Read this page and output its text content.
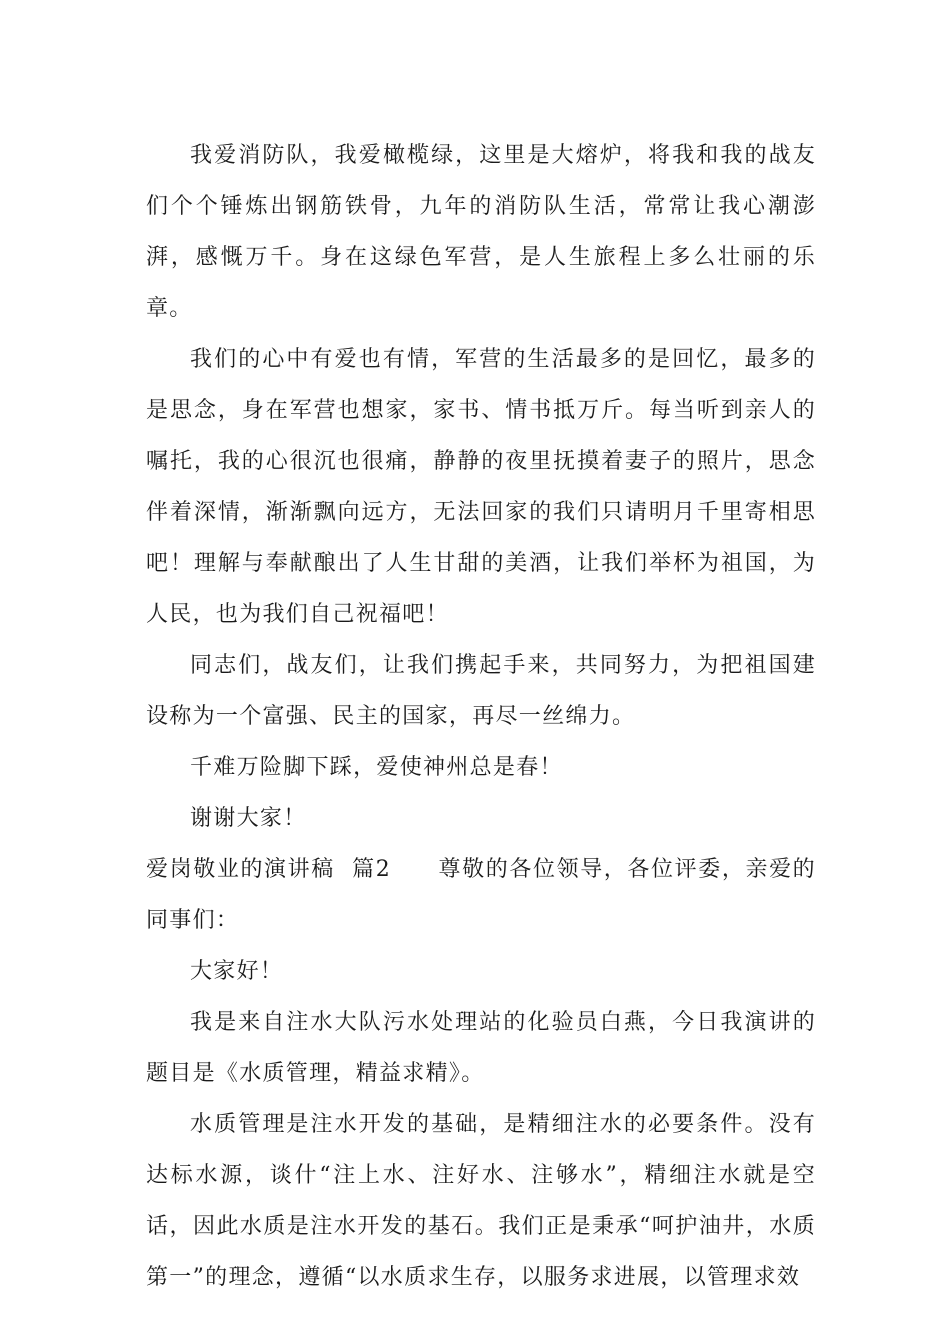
我爱消防队，我爱橄榄绿，这里是大熔炉，将我和我的战友们个个锤炼出钢筋铁骨，九年的消防队生活，常常让我心潮澎湃，感慨万千。身在这绿色军营，是人生旅程上多么壮丽的乐章。

我们的心中有爱也有情，军营的生活最多的是回忆，最多的是思念，身在军营也想家，家书、情书抵万斤。每当听到亲人的嘱托，我的心很沉也很痛，静静的夜里抚摸着妻子的照片，思念伴着深情，渐渐飘向远方，无法回家的我们只请明月千里寄相思吧！理解与奉献酿出了人生甘甜的美酒，让我们举杯为祖国，为人民，也为我们自己祝福吧！

同志们，战友们，让我们携起手来，共同努力，为把祖国建设称为一个富强、民主的国家，再尽一丝绵力。

千难万险脚下踩，爱使神州总是春！

谢谢大家！

爱岗敬业的演讲稿  篇2　　 尊敬的各位领导，各位评委，亲爱的同事们：

大家好！

我是来自注水大队污水处理站的化验员白燕，今日我演讲的题目是《水质管理，精益求精》。

水质管理是注水开发的基础，是精细注水的必要条件。没有达标水源，谈什“注上水、注好水、注够水”，精细注水就是空话，因此水质是注水开发的基石。我们正是秉承“呵护油井，水质第一”的理念，遵循“以水质求生存，以服务求进展，以管理求效
